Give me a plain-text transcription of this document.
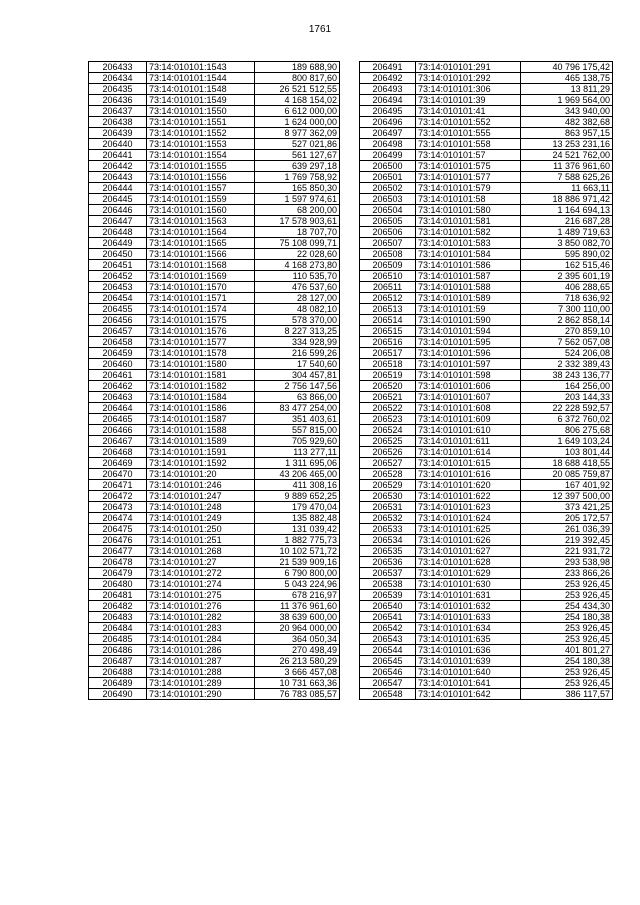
1761
206433	73:14:010101:1543	189 688,90
206434	73:14:010101:1544	800 817,60
206435	73:14:010101:1548	26 521 512,55
206436	73:14:010101:1549	4 168 154,02
206437	73:14:010101:1550	6 612 000,00
206438	73:14:010101:1551	1 624 000,00
206439	73:14:010101:1552	8 977 362,09
206440	73:14:010101:1553	527 021,86
206441	73:14:010101:1554	561 127,67
206442	73:14:010101:1555	639 297,18
206443	73:14:010101:1556	1 769 758,92
206444	73:14:010101:1557	165 850,30
206445	73:14:010101:1559	1 597 974,61
206446	73:14:010101:1560	68 200,00
206447	73:14:010101:1563	17 578 903,61
206448	73:14:010101:1564	18 707,70
206449	73:14:010101:1565	75 108 099,71
206450	73:14:010101:1566	22 028,60
206451	73:14:010101:1568	4 168 273,80
206452	73:14:010101:1569	110 535,70
206453	73:14:010101:1570	476 537,60
206454	73:14:010101:1571	28 127,00
206455	73:14:010101:1574	48 082,10
206456	73:14:010101:1575	578 370,00
206457	73:14:010101:1576	8 227 313,25
206458	73:14:010101:1577	334 928,99
206459	73:14:010101:1578	216 599,26
206460	73:14:010101:1580	17 540,60
206461	73:14:010101:1581	304 457,81
206462	73:14:010101:1582	2 756 147,56
206463	73:14:010101:1584	63 866,00
206464	73:14:010101:1586	83 477 254,00
206465	73:14:010101:1587	351 403,61
206466	73:14:010101:1588	557 815,00
206467	73:14:010101:1589	705 929,60
206468	73:14:010101:1591	113 277,11
206469	73:14:010101:1592	1 311 695,06
206470	73:14:010101:20	43 206 465,00
206471	73:14:010101:246	411 308,16
206472	73:14:010101:247	9 889 652,25
206473	73:14:010101:248	179 470,04
206474	73:14:010101:249	135 882,48
206475	73:14:010101:250	131 039,42
206476	73:14:010101:251	1 882 775,73
206477	73:14:010101:268	10 102 571,72
206478	73:14:010101:27	21 539 909,16
206479	73:14:010101:272	6 790 800,00
206480	73:14:010101:274	5 043 224,96
206481	73:14:010101:275	678 216,97
206482	73:14:010101:276	11 376 961,60
206483	73:14:010101:282	38 639 600,00
206484	73:14:010101:283	20 964 000,00
206485	73:14:010101:284	364 050,34
206486	73:14:010101:286	270 498,49
206487	73:14:010101:287	26 213 580,29
206488	73:14:010101:288	3 666 457,08
206489	73:14:010101:289	10 731 663,36
206490	73:14:010101:290	76 783 085,57
206491	73:14:010101:291	40 796 175,42
206492	73:14:010101:292	465 138,75
206493	73:14:010101:306	13 811,29
206494	73:14:010101:39	1 969 564,00
206495	73:14:010101:41	343 940,00
206496	73:14:010101:552	482 382,68
206497	73:14:010101:555	863 957,15
206498	73:14:010101:558	13 253 231,16
206499	73:14:010101:57	24 521 762,00
206500	73:14:010101:575	11 376 961,60
206501	73:14:010101:577	7 588 625,26
206502	73:14:010101:579	11 663,11
206503	73:14:010101:58	18 886 971,42
206504	73:14:010101:580	1 164 694,13
206505	73:14:010101:581	216 687,28
206506	73:14:010101:582	1 489 719,63
206507	73:14:010101:583	3 850 082,70
206508	73:14:010101:584	595 890,02
206509	73:14:010101:586	162 515,46
206510	73:14:010101:587	2 395 601,19
206511	73:14:010101:588	406 288,65
206512	73:14:010101:589	718 636,92
206513	73:14:010101:59	7 300 110,00
206514	73:14:010101:590	2 862 858,14
206515	73:14:010101:594	270 859,10
206516	73:14:010101:595	7 562 057,08
206517	73:14:010101:596	524 206,08
206518	73:14:010101:597	2 332 389,43
206519	73:14:010101:598	38 243 136,77
206520	73:14:010101:606	164 256,00
206521	73:14:010101:607	203 144,33
206522	73:14:010101:608	22 228 592,57
206523	73:14:010101:609	6 372 760,02
206524	73:14:010101:610	806 275,68
206525	73:14:010101:611	1 649 103,24
206526	73:14:010101:614	103 801,44
206527	73:14:010101:615	18 688 418,55
206528	73:14:010101:616	20 085 759,87
206529	73:14:010101:620	167 401,92
206530	73:14:010101:622	12 397 500,00
206531	73:14:010101:623	373 421,25
206532	73:14:010101:624	205 172,57
206533	73:14:010101:625	261 036,39
206534	73:14:010101:626	219 392,45
206535	73:14:010101:627	221 931,72
206536	73:14:010101:628	293 538,98
206537	73:14:010101:629	233 866,26
206538	73:14:010101:630	253 926,45
206539	73:14:010101:631	253 926,45
206540	73:14:010101:632	254 434,30
206541	73:14:010101:633	254 180,38
206542	73:14:010101:634	253 926,45
206543	73:14:010101:635	253 926,45
206544	73:14:010101:636	401 801,27
206545	73:14:010101:639	254 180,38
206546	73:14:010101:640	253 926,45
206547	73:14:010101:641	253 926,45
206548	73:14:010101:642	386 117,57
